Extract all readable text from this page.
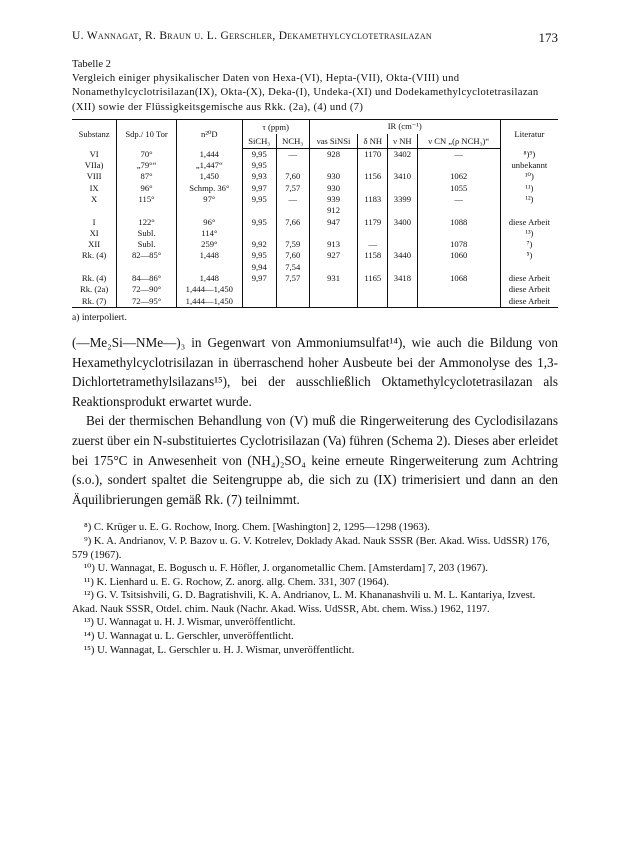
U. Wannagat, R. Braun u. L. Gerschler, Dekamethylcyclotetrasilazan	173
Tabelle 2
Vergleich einiger physikalischer Daten von Hexa-(VI), Hepta-(VII), Okta-(VIII) und Nonamethylcyclotrisilazan(IX), Okta-(X), Deka-(I), Undeka-(XI) und Dodekamethylcyclotetrasilazan (XII) sowie der Flüssigkeitsgemische aus Rkk. (2a), (4) und (7)
Substanz	Sdp./ 10 Tor	n²⁰D	τ (ppm)		IR (cm⁻¹)				Literatur
			SiCH₃	NCH₃	νas SiNSi	δ NH	ν NH	ν CN „(ρ NCH₃)“	
VI	70°	1,444	9,95	—	928	1170	3402	—	⁸)⁹)
VIIa)	„79°“	„1,447“	9,95						unbekannt
VIII	87°	1,450	9,93	7,60	930	1156	3410	1062	¹⁰)
IX	96°	Schmp. 36°	9,97	7,57	930			1055	¹¹)
X	115°	97°	9,95	—	939	1183	3399	—	¹²)
					912				
I	122°	96°	9,95	7,66	947	1179	3400	1088	diese Arbeit
XI	Subl.	114°							¹³)
XII	Subl.	259°	9,92	7,59	913	—		1078	⁷)
Rk. (4)	82—85°	1,448	9,95	7,60	927	1158	3440	1060	⁵)
			9,94	7,54					
Rk. (4)	84—86°	1,448	9,97	7,57	931	1165	3418	1068	diese Arbeit
Rk. (2a)	72—90°	1,444—1,450							diese Arbeit
Rk. (7)	72—95°	1,444—1,450							diese Arbeit
a) interpoliert.

(—Me₂Si—NMe—)₃ in Gegenwart von Ammoniumsulfat¹⁴), wie auch die Bildung von Hexamethylcyclotrisilazan in überraschend hoher Ausbeute bei der Ammonolyse des 1,3-Dichlortetramethylsilazans¹⁵), bei der ausschließlich Oktamethylcyclotetrasilazan als Reaktionsprodukt erwartet wurde.

Bei der thermischen Behandlung von (V) muß die Ringerweiterung des Cyclodisilazans zuerst über ein N-substituiertes Cyclotrisilazan (Va) führen (Schema 2). Dieses aber erleidet bei 175°C in Anwesenheit von (NH₄)₂SO₄ keine erneute Ringerweiterung zum Achtring (s.o.), sondert spaltet die Seitengruppe ab, die sich zu (IX) trimerisiert und dann an den Äquilibrierungen gemäß Rk. (7) teilnimmt.

⁸) C. Krüger u. E. G. Rochow, Inorg. Chem. [Washington] 2, 1295—1298 (1963).

⁹) K. A. Andrianov, V. P. Bazov u. G. V. Kotrelev, Doklady Akad. Nauk SSSR (Ber. Akad. Wiss. UdSSR) 176, 579 (1967).

¹⁰) U. Wannagat, E. Bogusch u. F. Höfler, J. organometallic Chem. [Amsterdam] 7, 203 (1967).

¹¹) K. Lienhard u. E. G. Rochow, Z. anorg. allg. Chem. 331, 307 (1964).

¹²) G. V. Tsitsishvili, G. D. Bagratishvili, K. A. Andrianov, L. M. Khananashvili u. M. L. Kantariya, Izvest. Akad. Nauk SSSR, Otdel. chim. Nauk (Nachr. Akad. Wiss. UdSSR, Abt. chem. Wiss.) 1962, 1197.

¹³) U. Wannagat u. H. J. Wismar, unveröffentlicht.

¹⁴) U. Wannagat u. L. Gerschler, unveröffentlicht.

¹⁵) U. Wannagat, L. Gerschler u. H. J. Wismar, unveröffentlicht.
